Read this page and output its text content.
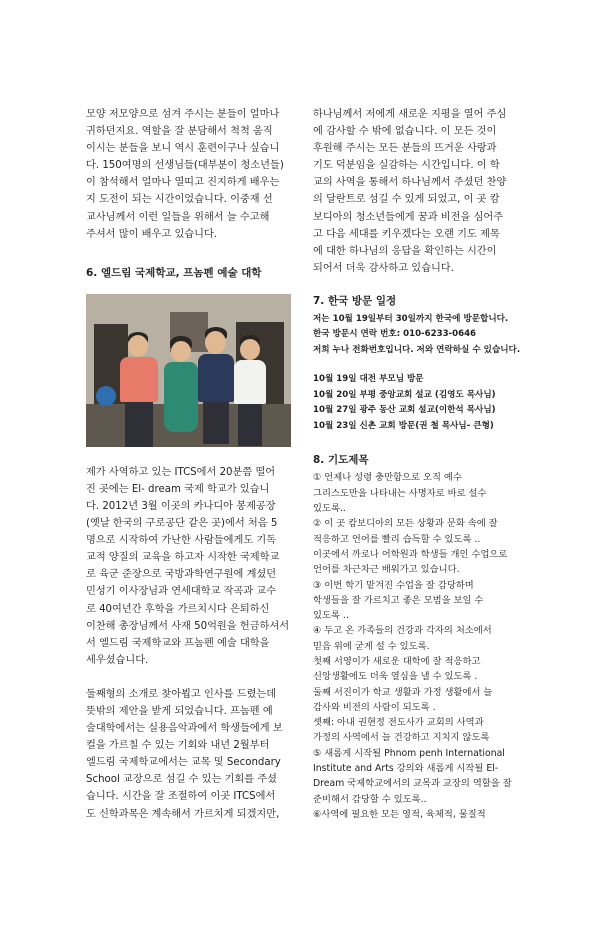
모양 저모양으로 섬겨 주시는 분들이 얼마나
귀하던지요. 역할을 잘 분담해서 척척 움직
이시는 분들을 보니 역시 훈련이구나 싶습니
다. 150여명의 선생님들(대부분이 청소년들)
이 참석해서 얼마나 열띠고 진지하게 배우는
지 도전이 되는 시간이었습니다. 이중재 선
교사님께서 이런 일들을 위해서 늘 수고해
주셔서 많이 배우고 있습니다.

6. 엘드림 국제학교, 프놈펜 예술 대학

제가 사역하고 있는 ITCS에서 20분쯤 떨어
진 곳에는 El- dream 국제 학교가 있습니
다. 2012년 3월 이곳의 카나디아 봉제공장
(옛날 한국의 구로공단 같은 곳)에서 처음 5
명으로 시작하여 가난한 사람들에게도 기독
교적 양질의 교육을 하고자 시작한 국제학교
로 육군 준장으로 국방과학연구원에 계셨던
민성기 이사장님과 연세대학교 작곡과 교수
로 40여년간 후학을 가르치시다 은퇴하신
이찬해 총장님께서 사재 50억원을 헌금하셔서
서 엘드림 국제학교와 프놈펜 예술 대학을
세우셨습니다.

둘째형의 소개로 찾아뵙고 인사를 드렸는데
뜻밖의 제안을 받게 되었습니다. 프놈펜 예
술대학에서는 실용음악과에서 학생들에게 보
컬을 가르칠 수 있는 기회와 내년 2월부터
엘드림 국제학교에서는 교목 및 Secondary
School 교장으로 섬길 수 있는 기회를 주셨
습니다. 시간을 잘 조절하여 이곳 ITCS에서
도 신학과목은 계속해서 가르치게 되겠지만,

하나님께서 저에게 새로운 지평을 열어 주심
에 감사할 수 밖에 없습니다. 이 모든 것이
후원해 주시는 모든 분들의 뜨거운 사랑과
기도 덕분임을 실감하는 시간입니다. 이 학
교의 사역을 통해서 하나님께서 주셨던 찬양
의 달란트로 섬길 수 있게 되었고, 이 곳 캄
보디아의 청소년들에게 꿈과 비전을 심어주
고 다음 세대를 키우겠다는 오랜 기도 제목
에 대한 하나님의 응답을 확인하는 시간이
되어서 더욱 감사하고 있습니다.

7. 한국 방문 일정

저는 10월 19일부터 30일까지 한국에 방문합니다.
한국 방문시 연락 번호: 010-6233-0646
저희 누나 전화번호입니다. 저와 연락하실 수 있습니다.

10월 19일 대전 부모님 방문
10월 20일 부평 중앙교회 설교 (김영도 목사님)
10월 27일 광주 동산 교회 설교(이한석 목사님)
10월 23일 신촌 교회 방문(권 철 목사님- 큰형)

8. 기도제목

① 언제나 성령 충만함으로 오직 예수
그리스도만을 나타내는 사명자로 바로 설수
있도록..
② 이 곳 캄보디아의 모든 상황과 문화 속에 잘
적응하고 언어를 빨리 습득할 수 있도록 ..
이곳에서 까로나 어학원과 학생들 개인 수업으로
언어를 차근차근 배워가고 있습니다.
③ 이번 학기 맡겨진 수업을 잘 감당하며
학생들을 잘 가르치고 좋은 모범을 보일 수
있도록 ..
④ 두고 온 가족들의 건강과 각자의 처소에서
믿음 위에 굳게 설 수 있도록.
첫째 서영이가 새로운 대학에 잘 적응하고
신앙생활에도 더욱 열심을 낼 수 있도록 .
둘째 서진이가 학교 생활과 가정 생활에서 늘
감사와 비전의 사람이 되도록 .
셋째: 아내 권현정 전도사가 교회의 사역과
가정의 사역에서 늘 건강하고 지치지 않도록
⑤ 새롭게 시작될 Phnom penh International
Institute and Arts 강의와 새롭게 시작될 El-
Dream 국제학교에서의 교목과 교장의 역할을 잘
준비해서 감당할 수 있도록..
⑥사역에 필요한 모든 영적, 육체적, 물질적
